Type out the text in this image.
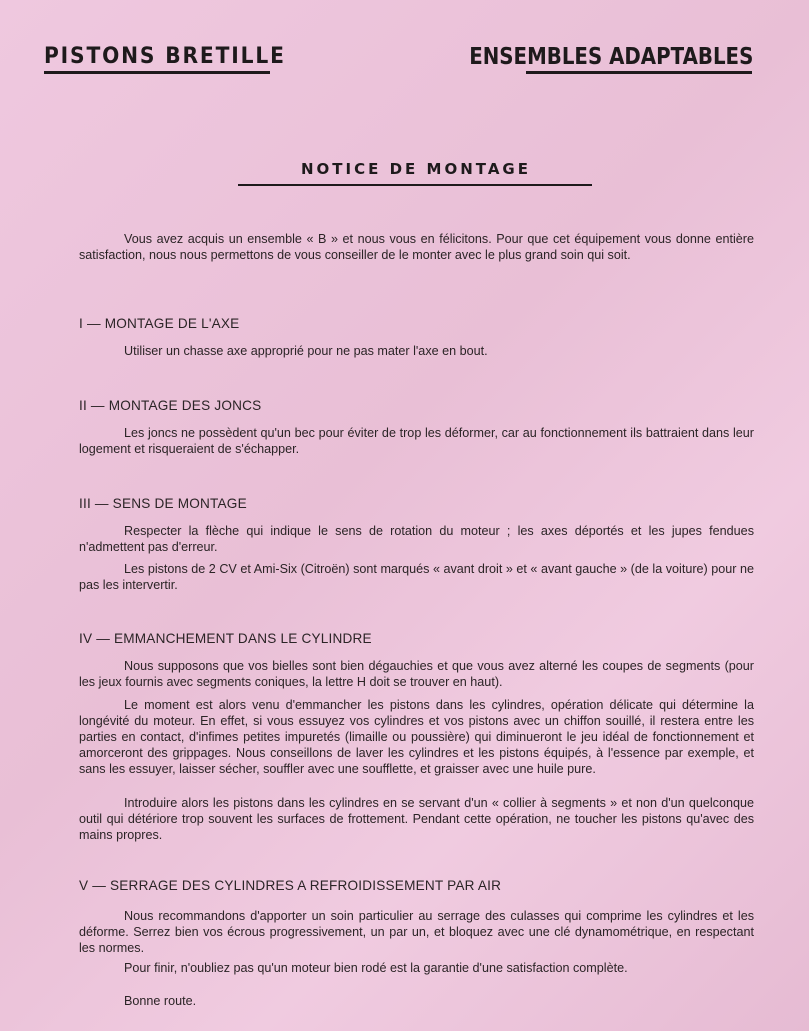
PISTONS BRETILLE	ENSEMBLES ADAPTABLES
NOTICE DE MONTAGE
Vous avez acquis un ensemble « B » et nous vous en félicitons. Pour que cet équipement vous donne entière satisfaction, nous nous permettons de vous conseiller de le monter avec le plus grand soin qui soit.
I — MONTAGE DE L'AXE
Utiliser un chasse axe approprié pour ne pas mater l'axe en bout.
II — MONTAGE DES JONCS
Les joncs ne possèdent qu'un bec pour éviter de trop les déformer, car au fonctionnement ils battraient dans leur logement et risqueraient de s'échapper.
III — SENS DE MONTAGE
Respecter la flèche qui indique le sens de rotation du moteur ; les axes déportés et les jupes fendues n'admettent pas d'erreur.
Les pistons de 2 CV et Ami-Six (Citroën) sont marqués « avant droit » et « avant gauche » (de la voiture) pour ne pas les intervertir.
IV — EMMANCHEMENT DANS LE CYLINDRE
Nous supposons que vos bielles sont bien dégauchies et que vous avez alterné les coupes de segments (pour les jeux fournis avec segments coniques, la lettre H doit se trouver en haut).
Le moment est alors venu d'emmancher les pistons dans les cylindres, opération délicate qui détermine la longévité du moteur. En effet, si vous essuyez vos cylindres et vos pistons avec un chiffon souillé, il restera entre les parties en contact, d'infimes petites impuretés (limaille ou poussière) qui diminueront le jeu idéal de fonctionnement et amorceront des grippages. Nous conseillons de laver les cylindres et les pistons équipés, à l'essence par exemple, et sans les essuyer, laisser sécher, souffler avec une soufflette, et graisser avec une huile pure.
Introduire alors les pistons dans les cylindres en se servant d'un « collier à segments » et non d'un quelconque outil qui détériore trop souvent les surfaces de frottement. Pendant cette opération, ne toucher les pistons qu'avec des mains propres.
V — SERRAGE DES CYLINDRES A REFROIDISSEMENT PAR AIR
Nous recommandons d'apporter un soin particulier au serrage des culasses qui comprime les cylindres et les déforme. Serrez bien vos écrous progressivement, un par un, et bloquez avec une clé dynamométrique, en respectant les normes.
Pour finir, n'oubliez pas qu'un moteur bien rodé est la garantie d'une satisfaction complète.
Bonne route.
